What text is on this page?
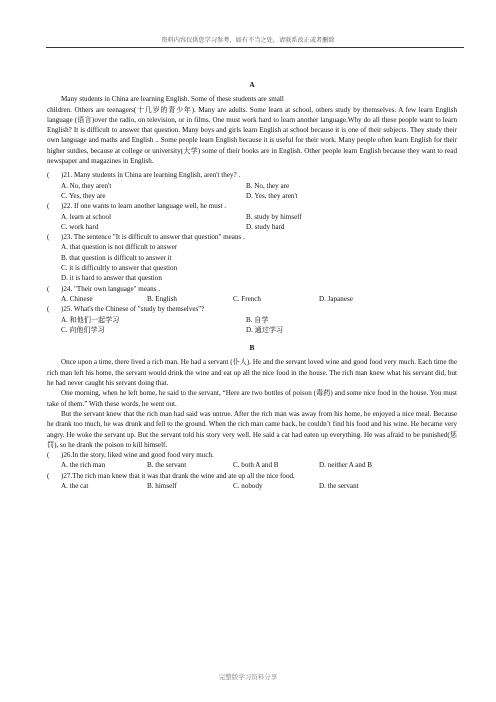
资料内容仅供您学习参考，如有不当之处，请联系改正或者删除
A

Many students in China are learning English. Some of these students are small

children. Others are teenagers(十几岁的青少年). Many are adults. Some learn at school, others study by themselves. A few learn English language (语言)over the radio, on television, or in films. One must work hard to learn another language.Why do all these people want to learn English? It is difficult to answer that question. Many boys and girls learn English at school because it is one of their subjects. They study their own language and maths and English .. Some people learn English because it is useful for their work. Many people often learn English for their higher sutdies, because at college or university(大学) some of their books are in English. Other people learn English because they want to read newspaper and magazines in English.

( )21. Many students in China are learning English, aren't they? .

A. No, they aren't	B. No, they are

C. Yes, they are	D. Yes, they aren't

( )22. If one wants to learn another language well, he must .

A. learn at school	B. study by himself

C. work hard	D. study hard

( )23. The sentence "It is difficult to answer that question" means .

A. that question is not difficult to answer

B. that question is difficult to answer it

C. it is difficultly to answer that question

D. it is hard to answer that question

( )24. "Their own language" means .

A. Chinese	B. English	C. French	D. Japanese

( )25. What's the Chinese of "study by themselves"?

A. 和他们一起学习	B. 自学

C. 向他们学习	D. 通过学习

B

Once upon a time, there lived a rich man. He had a servant (仆人). He and the servant loved wine and good food very much. Each time the rich man left his home, the servant would drink the wine and eat up all the nice food in the house. The rich man knew what his servant did, but he had never caught his servant doing that.

One morning, when he left home, he said to the servant, “Here are two bottles of poison (毒药) and some nice food in the house. You must take of them.” With these words, he went out.

But the servant knew that the rich man had said was untrue. After the rich man was away from his home, he enjoyed a nice meal. Because he drank too much, he was drunk and fell to the ground. When the rich man came back, he couldn’t find his food and his wine. He became very angry. He woke the servant up. But the servant told his story very well. He said a cat had eaten up everything. He was afraid to be punished(惩罚), so he drank the poison to kill himself.

( )26.In the story, liked wine and good food very much.

A. the rich man	B. the servant	C. both A and B	D. neither A and B

( )27.The rich man knew that it was that drank the wine and ate up all the nice food.

A. the cat	B. himself	C. nobody	D. the servant

完整版学习资料分享
